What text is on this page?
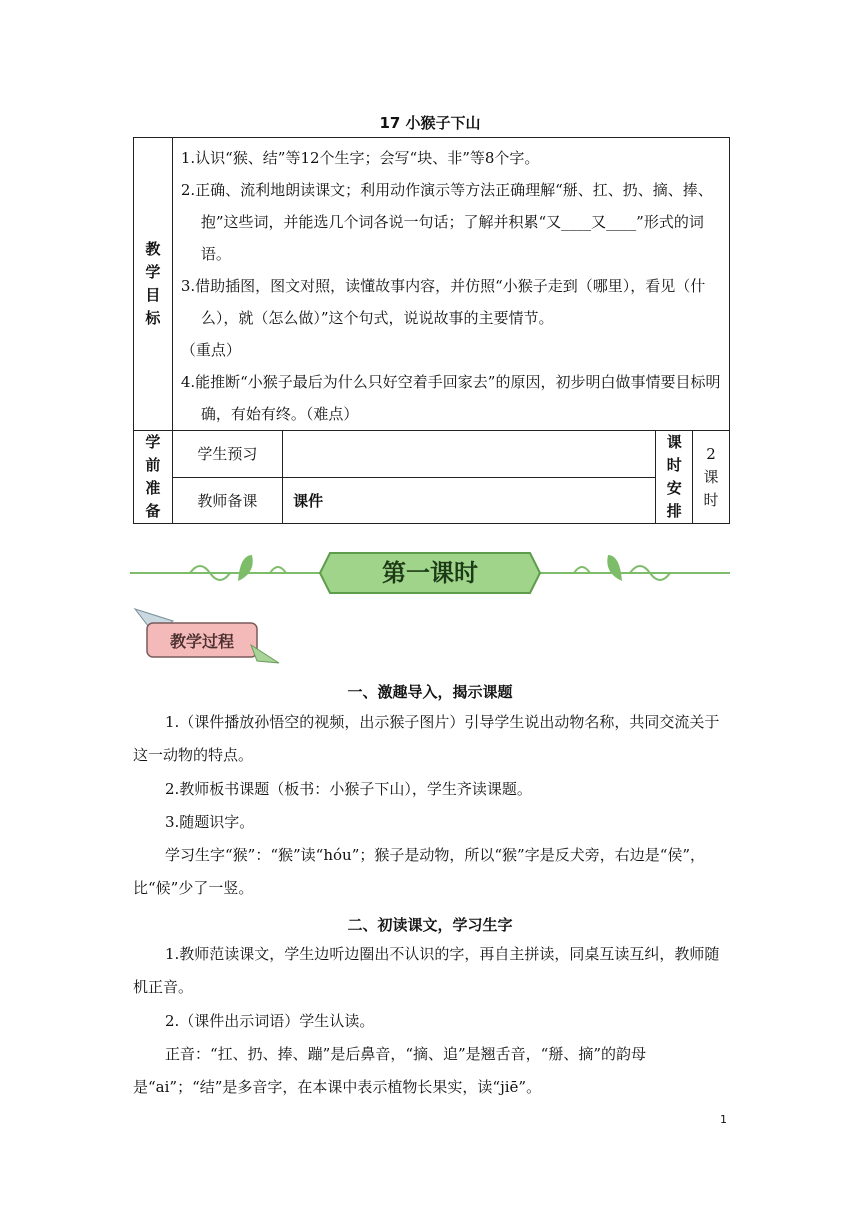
17 小猴子下山
教学目标	1.认识“猴、结”等12个生字；会写“块、非”等8个字。
2.正确、流利地朗读课文；利用动作演示等方法正确理解“掰、扛、扔、摘、捧、抱”这些词，并能选几个词各说一句话；了解并积累“又____又____”形式的词语。
3.借助插图，图文对照，读懂故事内容，并仿照“小猴子走到（哪里），看见（什么），就（怎么做）”这个句式，说说故事的主要情节。
（重点）
4.能推断“小猴子最后为什么只好空着手回家去”的原因，初步明白做事情要目标明确，有始有终。（难点）			

学前准备	学生预习		课时安排	2课时
	教师备课	课件		
第一课时
教学过程
一、激趣导入，揭示课题
1.（课件播放孙悟空的视频，出示猴子图片）引导学生说出动物名称，共同交流关于这一动物的特点。
2.教师板书课题（板书：小猴子下山），学生齐读课题。
3.随题识字。
学习生字“猴”：“猴”读“hóu”；猴子是动物，所以“猴”字是反犬旁，右边是“侯”，比“候”少了一竖。
二、初读课文，学习生字
1.教师范读课文，学生边听边圈出不认识的字，再自主拼读，同桌互读互纠，教师随机正音。
2.（课件出示词语）学生认读。
正音：“扛、扔、捧、蹦”是后鼻音，“摘、追”是翘舌音，“掰、摘”的韵母是“ai”；“结”是多音字，在本课中表示植物长果实，读“jiē”。
1
